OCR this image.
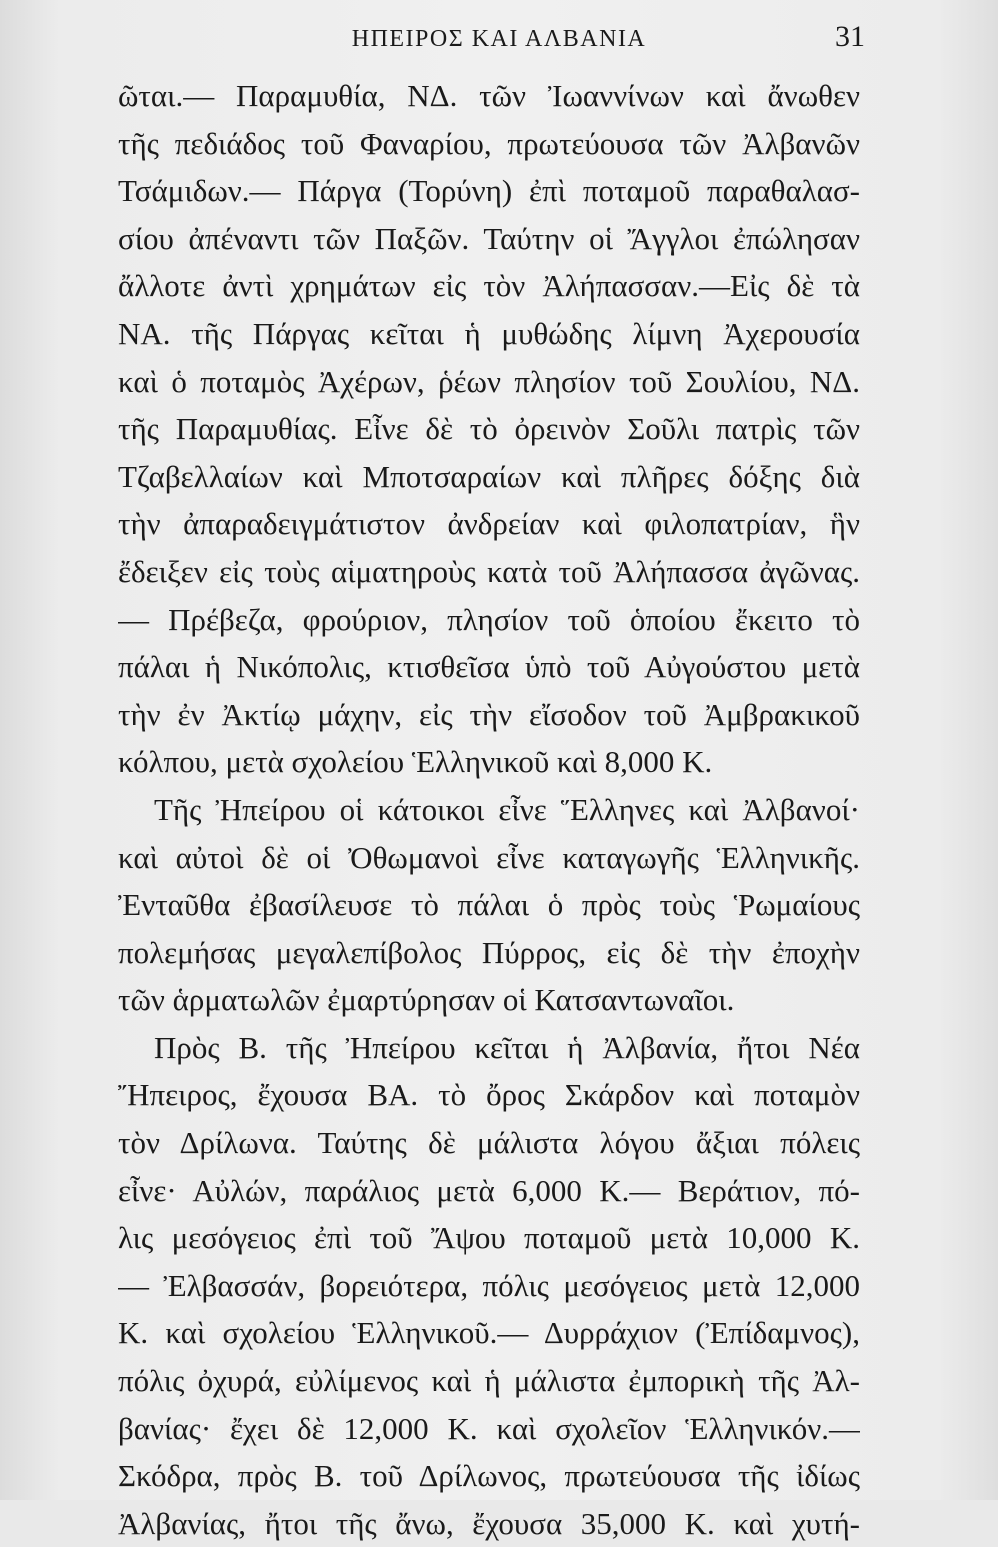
ΗΠΕΙΡΟΣ ΚΑΙ ΑΛΒΑΝΙΑ	31
ῶται.— Παραμυθία, ΝΔ. τῶν Ἰωαννίνων καὶ ἄνωθεν
τῆς πεδιάδος τοῦ Φαναρίου, πρωτεύουσα τῶν Ἀλβανῶν
Τσάμιδων.— Πάργα (Τορύνη) ἐπὶ ποταμοῦ παραθαλασ-
σίου ἀπέναντι τῶν Παξῶν. Ταύτην οἱ Ἄγγλοι ἐπώλησαν
ἄλλοτε ἀντὶ χρημάτων εἰς τὸν Ἀλήπασσαν.—Εἰς δὲ τὰ
ΝΑ. τῆς Πάργας κεῖται ἡ μυθώδης λίμνη Ἀχερουσία
καὶ ὁ ποταμὸς Ἀχέρων, ῥέων πλησίον τοῦ Σουλίου, ΝΔ.
τῆς Παραμυθίας. Εἶνε δὲ τὸ ὀρεινὸν Σοῦλι πατρὶς τῶν
Τζαβελλαίων καὶ Μποτσαραίων καὶ πλῆρες δόξης διὰ
τὴν ἀπαραδειγμάτιστον ἀνδρείαν καὶ φιλοπατρίαν, ἣν
ἔδειξεν εἰς τοὺς αἱματηροὺς κατὰ τοῦ Ἀλήπασσα ἀγῶνας.
— Πρέβεζα, φρούριον, πλησίον τοῦ ὁποίου ἔκειτο τὸ
πάλαι ἡ Νικόπολις, κτισθεῖσα ὑπὸ τοῦ Αὐγούστου μετὰ
τὴν ἐν Ἀκτίῳ μάχην, εἰς τὴν εἴσοδον τοῦ Ἀμβρακικοῦ
κόλπου, μετὰ σχολείου Ἑλληνικοῦ καὶ 8,000 Κ.
Τῆς Ἠπείρου οἱ κάτοικοι εἶνε Ἕλληνες καὶ Ἀλβανοί·
καὶ αὐτοὶ δὲ οἱ Ὀθωμανοὶ εἶνε καταγωγῆς Ἑλληνικῆς.
Ἐνταῦθα ἐβασίλευσε τὸ πάλαι ὁ πρὸς τοὺς Ῥωμαίους
πολεμήσας μεγαλεπίβολος Πύρρος, εἰς δὲ τὴν ἐποχὴν
τῶν ἁρματωλῶν ἐμαρτύρησαν οἱ Κατσαντωναῖοι.
Πρὸς Β. τῆς Ἠπείρου κεῖται ἡ Ἀλβανία, ἤτοι Νέα
Ἤπειρος, ἔχουσα ΒΑ. τὸ ὄρος Σκάρδον καὶ ποταμὸν
τὸν Δρίλωνα. Ταύτης δὲ μάλιστα λόγου ἄξιαι πόλεις
εἶνε· Αὐλών, παράλιος μετὰ 6,000 Κ.— Βεράτιον, πό-
λις μεσόγειος ἐπὶ τοῦ Ἄψου ποταμοῦ μετὰ 10,000 Κ.
— Ἐλβασσάν, βορειότερα, πόλις μεσόγειος μετὰ 12,000
Κ. καὶ σχολείου Ἑλληνικοῦ.— Δυρράχιον (Ἐπίδαμνος),
πόλις ὀχυρά, εὐλίμενος καὶ ἡ μάλιστα ἐμπορικὴ τῆς Ἀλ-
βανίας· ἔχει δὲ 12,000 Κ. καὶ σχολεῖον Ἑλληνικόν.—
Σκόδρα, πρὸς Β. τοῦ Δρίλωνος, πρωτεύουσα τῆς ἰδίως
Ἀλβανίας, ἤτοι τῆς ἄνω, ἔχουσα 35,000 Κ. καὶ χυτή-
